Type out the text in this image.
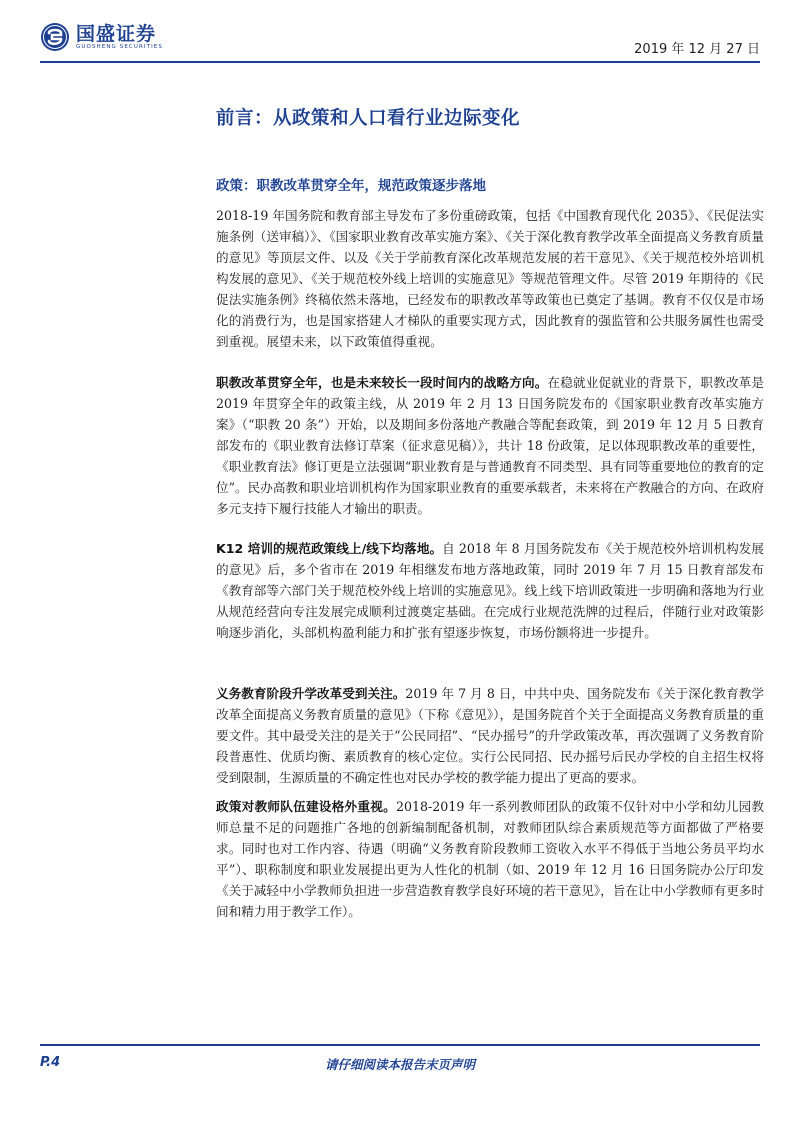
国盛证券
GUOSHENG SECURITIES	2019 年 12 月 27 日
前言：从政策和人口看行业边际变化
政策：职教改革贯穿全年，规范政策逐步落地
2018-19 年国务院和教育部主导发布了多份重磅政策，包括《中国教育现代化 2035》、《民促法实施条例（送审稿）》、《国家职业教育改革实施方案》、《关于深化教育教学改革全面提高义务教育质量的意见》等顶层文件、以及《关于学前教育深化改革规范发展的若干意见》、《关于规范校外培训机构发展的意见》、《关于规范校外线上培训的实施意见》等规范管理文件。尽管 2019 年期待的《民促法实施条例》终稿依然未落地，已经发布的职教改革等政策也已奠定了基调。教育不仅仅是市场化的消费行为，也是国家搭建人才梯队的重要实现方式，因此教育的强监管和公共服务属性也需受到重视。展望未来，以下政策值得重视。
职教改革贯穿全年，也是未来较长一段时间内的战略方向。在稳就业促就业的背景下，职教改革是 2019 年贯穿全年的政策主线，从 2019 年 2 月 13 日国务院发布的《国家职业教育改革实施方案》（“职教 20 条”）开始，以及期间多份落地产教融合等配套政策，到 2019 年 12 月 5 日教育部发布的《职业教育法修订草案（征求意见稿）》，共计 18 份政策，足以体现职教改革的重要性，《职业教育法》修订更是立法强调“职业教育是与普通教育不同类型、具有同等重要地位的教育的定位”。民办高教和职业培训机构作为国家职业教育的重要承载者，未来将在产教融合的方向、在政府多元支持下履行技能人才输出的职责。
K12 培训的规范政策线上/线下均落地。自 2018 年 8 月国务院发布《关于规范校外培训机构发展的意见》后，多个省市在 2019 年相继发布地方落地政策，同时 2019 年 7 月 15 日教育部发布《教育部等六部门关于规范校外线上培训的实施意见》。线上线下培训政策进一步明确和落地为行业从规范经营向专注发展完成顺利过渡奠定基础。在完成行业规范洗牌的过程后，伴随行业对政策影响逐步消化，头部机构盈利能力和扩张有望逐步恢复，市场份额将进一步提升。
义务教育阶段升学改革受到关注。2019 年 7 月 8 日，中共中央、国务院发布《关于深化教育教学改革全面提高义务教育质量的意见》（下称《意见》），是国务院首个关于全面提高义务教育质量的重要文件。其中最受关注的是关于“公民同招”、“民办摇号”的升学政策改革，再次强调了义务教育阶段普惠性、优质均衡、素质教育的核心定位。实行公民同招、民办摇号后民办学校的自主招生权将受到限制，生源质量的不确定性也对民办学校的教学能力提出了更高的要求。
政策对教师队伍建设格外重视。2018-2019 年一系列教师团队的政策不仅针对中小学和幼儿园教师总量不足的问题推广各地的创新编制配备机制，对教师团队综合素质规范等方面都做了严格要求。同时也对工作内容、待遇（明确“义务教育阶段教师工资收入水平不得低于当地公务员平均水平”）、职称制度和职业发展提出更为人性化的机制（如、2019 年 12 月 16 日国务院办公厅印发《关于减轻中小学教师负担进一步营造教育教学良好环境的若干意见》，旨在让中小学教师有更多时间和精力用于教学工作）。
P.4	请仔细阅读本报告末页声明
